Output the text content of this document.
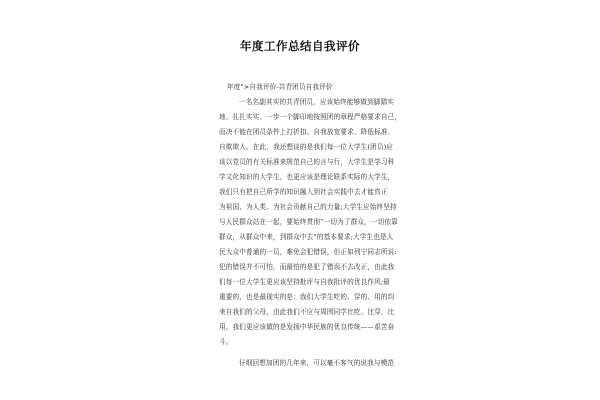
年度工作总结自我评价
年度">自我评价-共青团员自我评价
一名名副其实的共青团员，应该始终能够做到脚踏实
地、扎扎实实、一步一个脚印地按照团的章程严格要求自己，
而决不能在团员条件上打折扣、自我放宽要求、降低标准、
自欺欺人。在此，我还想谈的是我们每一位大学生(团员)应
该以党员的有关标准来规范自己的言与行，大学生是学习科
学文化知识的大学生，也更应该是理论联系实际的大学生，
我们只有把自己所学的知识融入到社会实践中去才能真正
为祖国、为人类、为社会贡献自己的力量;大学生应始终坚持
与人民群众站在一起，要始终贯彻“一切为了群众，一切依靠
群众，从群众中来，到群众中去”的基本要求;大学生也是人
民大众中普通的一员，难免会犯错误，但正如列宁同志所说:
犯的错误并不可怕，而最怕的是犯了错误不去改正，由此我
们每一位大学生更应该坚持批评与自我批评的优良作风;最
重要的，也是最现实的是：我们大学生吃的、穿的、用的均
来自我们的父母，由此我们不应与周围同学比吃、比穿、比
用，我们更应该做的是发扬中华民族的优良传统——艰苦奋
斗。
仔细回想加团的几年来，可以毫不客气的说我与模范
